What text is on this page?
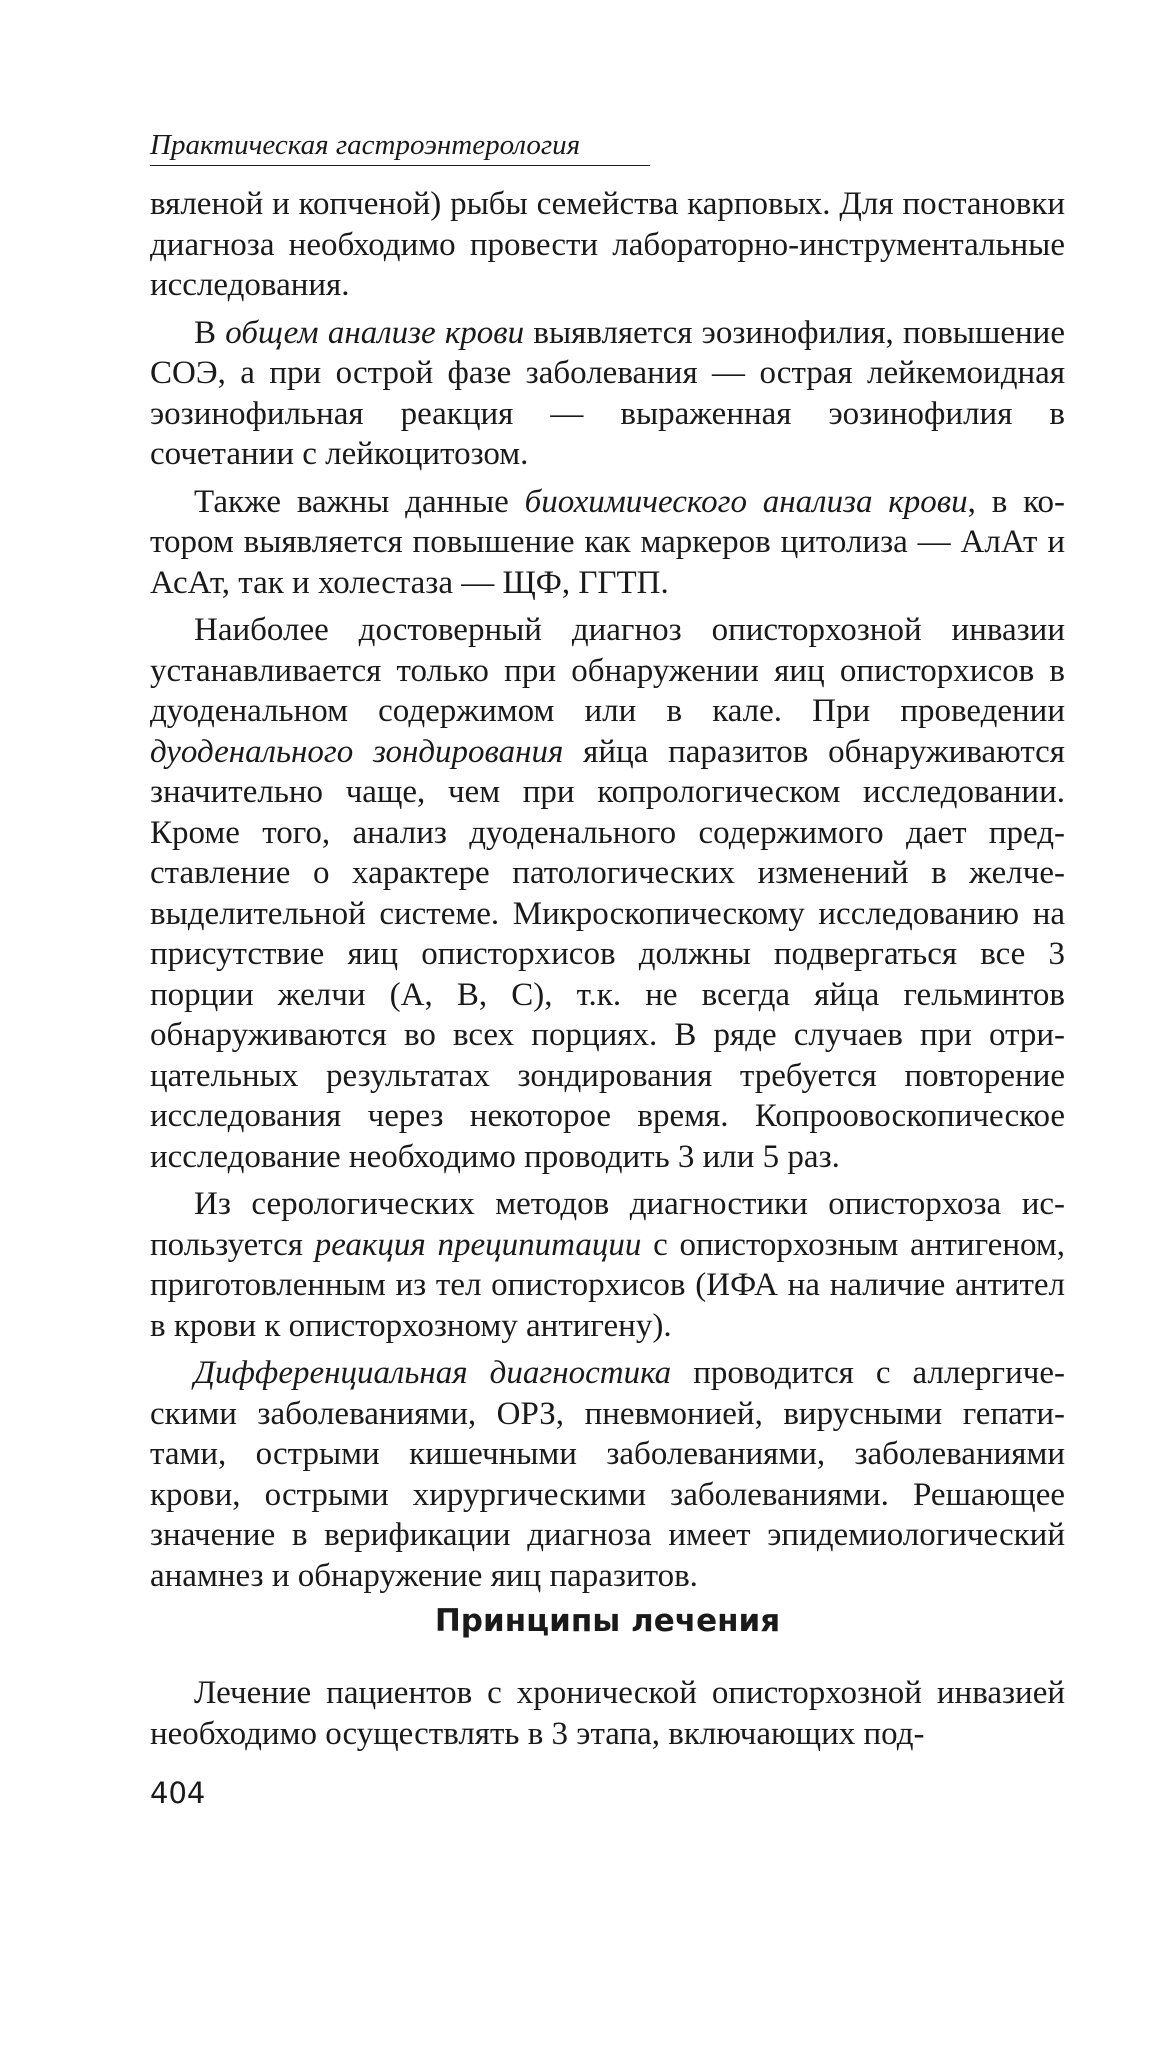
Практическая гастроэнтерология

вяленой и копченой) рыбы семейства карповых. Для постановки диагноза необходимо провести лабораторно-инструментальные исследования.

В общем анализе крови выявляется эозинофилия, повышение СОЭ, а при острой фазе заболевания — острая лейкемоидная эозинофильная реакция — выраженная эозинофилия в сочетании с лейкоцитозом.

Также важны данные биохимического анализа крови, в котором выявляется повышение как маркеров цитолиза — АлАт и АсАт, так и холестаза — ЩФ, ГГТП.

Наиболее достоверный диагноз описторхозной инвазии устанавливается только при обнаружении яиц описторхисов в дуоденальном содержимом или в кале. При проведении дуоденального зондирования яйца паразитов обнаруживаются значительно чаще, чем при копрологическом исследовании. Кроме того, анализ дуоденального содержимого дает представление о характере патологических изменений в желчевыделительной системе. Микроскопическому исследованию на присутствие яиц описторхисов должны подвергаться все 3 порции желчи (А, В, С), т.к. не всегда яйца гельминтов обнаруживаются во всех порциях. В ряде случаев при отрицательных результатах зондирования требуется повторение исследования через некоторое время. Копроовоскопическое исследование необходимо проводить 3 или 5 раз.

Из серологических методов диагностики описторхоза используется реакция преципитации с описторхозным антигеном, приготовленным из тел описторхисов (ИФА на наличие антител в крови к описторхозному антигену).

Дифференциальная диагностика проводится с аллергическими заболеваниями, ОРЗ, пневмонией, вирусными гепатитами, острыми кишечными заболеваниями, заболеваниями крови, острыми хирургическими заболеваниями. Решающее значение в верификации диагноза имеет эпидемиологический анамнез и обнаружение яиц паразитов.

Принципы лечения

Лечение пациентов с хронической описторхозной инвазией необходимо осуществлять в 3 этапа, включающих под-

404
